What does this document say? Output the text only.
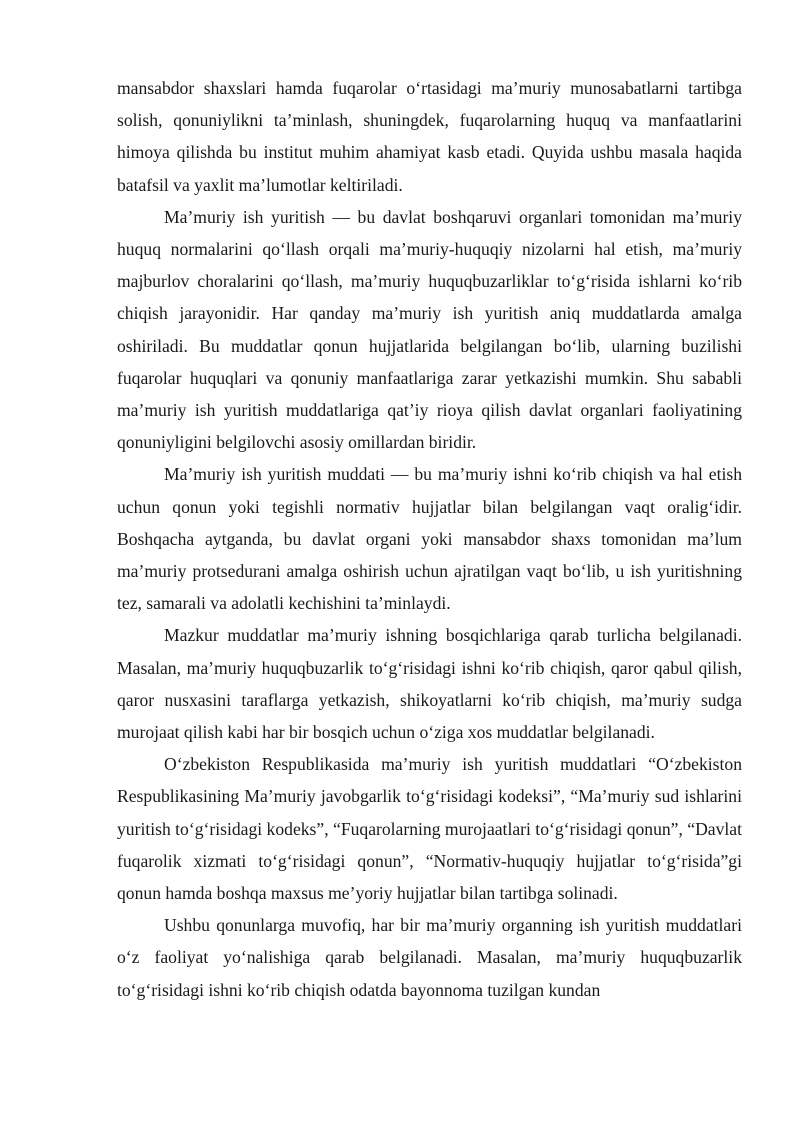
mansabdor shaxslari hamda fuqarolar o‘rtasidagi ma’muriy munosabatlarni tartibga solish, qonuniylikni ta’minlash, shuningdek, fuqarolarning huquq va manfaatlarini himoya qilishda bu institut muhim ahamiyat kasb etadi. Quyida ushbu masala haqida batafsil va yaxlit ma’lumotlar keltiriladi.

Ma’muriy ish yuritish — bu davlat boshqaruvi organlari tomonidan ma’muriy huquq normalarini qo‘llash orqali ma’muriy-huquqiy nizolarni hal etish, ma’muriy majburlov choralarini qo‘llash, ma’muriy huquqbuzarliklar to‘g‘risida ishlarni ko‘rib chiqish jarayonidir. Har qanday ma’muriy ish yuritish aniq muddatlarda amalga oshiriladi. Bu muddatlar qonun hujjatlarida belgilangan bo‘lib, ularning buzilishi fuqarolar huquqlari va qonuniy manfaatlariga zarar yetkazishi mumkin. Shu sababli ma’muriy ish yuritish muddatlariga qat’iy rioya qilish davlat organlari faoliyatining qonuniyligini belgilovchi asosiy omillardan biridir.

Ma’muriy ish yuritish muddati — bu ma’muriy ishni ko‘rib chiqish va hal etish uchun qonun yoki tegishli normativ hujjatlar bilan belgilangan vaqt oralig‘idir. Boshqacha aytganda, bu davlat organi yoki mansabdor shaxs tomonidan ma’lum ma’muriy protsedurani amalga oshirish uchun ajratilgan vaqt bo‘lib, u ish yuritishning tez, samarali va adolatli kechishini ta’minlaydi.

Mazkur muddatlar ma’muriy ishning bosqichlariga qarab turlicha belgilanadi. Masalan, ma’muriy huquqbuzarlik to‘g‘risidagi ishni ko‘rib chiqish, qaror qabul qilish, qaror nusxasini taraflarga yetkazish, shikoyatlarni ko‘rib chiqish, ma’muriy sudga murojaat qilish kabi har bir bosqich uchun o‘ziga xos muddatlar belgilanadi.

O‘zbekiston Respublikasida ma’muriy ish yuritish muddatlari “O‘zbekiston Respublikasining Ma’muriy javobgarlik to‘g‘risidagi kodeksi”, “Ma’muriy sud ishlarini yuritish to‘g‘risidagi kodeks”, “Fuqarolarning murojaatlari to‘g‘risidagi qonun”, “Davlat fuqarolik xizmati to‘g‘risidagi qonun”, “Normativ-huquqiy hujjatlar to‘g‘risida”gi qonun hamda boshqa maxsus me’yoriy hujjatlar bilan tartibga solinadi.

Ushbu qonunlarga muvofiq, har bir ma’muriy organning ish yuritish muddatlari o‘z faoliyat yo‘nalishiga qarab belgilanadi. Masalan, ma’muriy huquqbuzarlik to‘g‘risidagi ishni ko‘rib chiqish odatda bayonnoma tuzilgan kundan
